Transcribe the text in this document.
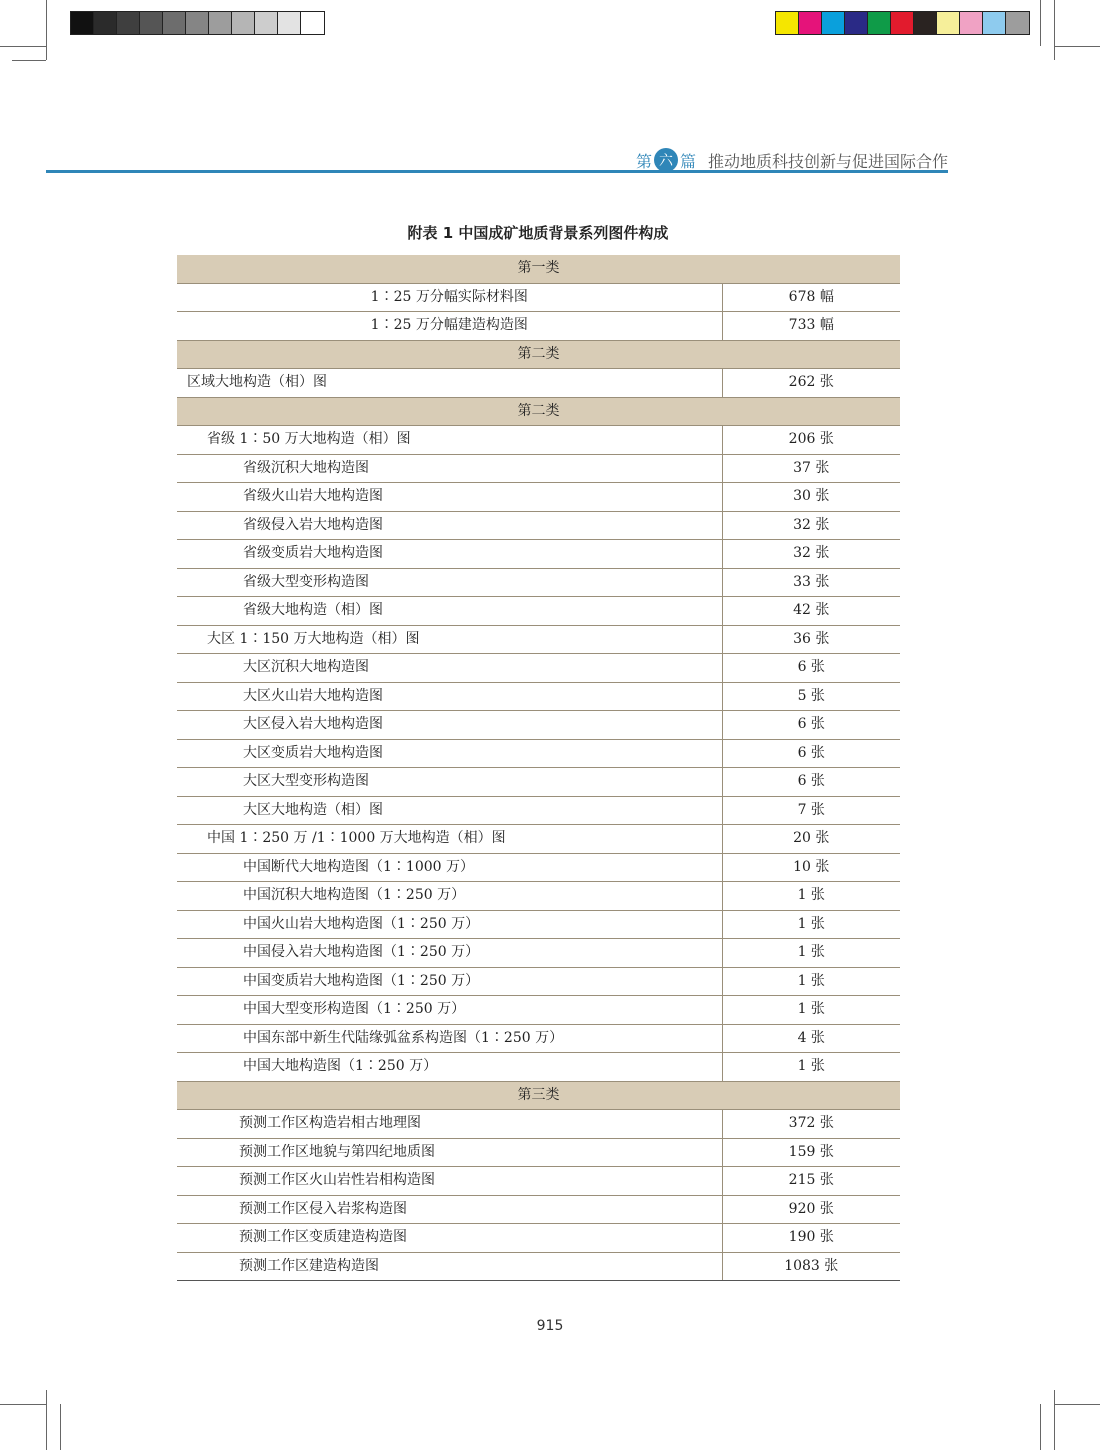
第 六 篇 推动地质科技创新与促进国际合作
附表 1 中国成矿地质背景系列图件构成
第一类	
1∶25 万分幅实际材料图	678 幅
1∶25 万分幅建造构造图	733 幅
第二类	
区域大地构造（相）图	262 张
第二类	
省级 1∶50 万大地构造（相）图	206 张
省级沉积大地构造图	37 张
省级火山岩大地构造图	30 张
省级侵入岩大地构造图	32 张
省级变质岩大地构造图	32 张
省级大型变形构造图	33 张
省级大地构造（相）图	42 张
大区 1∶150 万大地构造（相）图	36 张
大区沉积大地构造图	6 张
大区火山岩大地构造图	5 张
大区侵入岩大地构造图	6 张
大区变质岩大地构造图	6 张
大区大型变形构造图	6 张
大区大地构造（相）图	7 张
中国 1∶250 万 /1∶1000 万大地构造（相）图	20 张
中国断代大地构造图（1∶1000 万）	10 张
中国沉积大地构造图（1∶250 万）	1 张
中国火山岩大地构造图（1∶250 万）	1 张
中国侵入岩大地构造图（1∶250 万）	1 张
中国变质岩大地构造图（1∶250 万）	1 张
中国大型变形构造图（1∶250 万）	1 张
中国东部中新生代陆缘弧盆系构造图（1∶250 万）	4 张
中国大地构造图（1∶250 万）	1 张
第三类	
预测工作区构造岩相古地理图	372 张
预测工作区地貌与第四纪地质图	159 张
预测工作区火山岩性岩相构造图	215 张
预测工作区侵入岩浆构造图	920 张
预测工作区变质建造构造图	190 张
预测工作区建造构造图	1083 张
915
